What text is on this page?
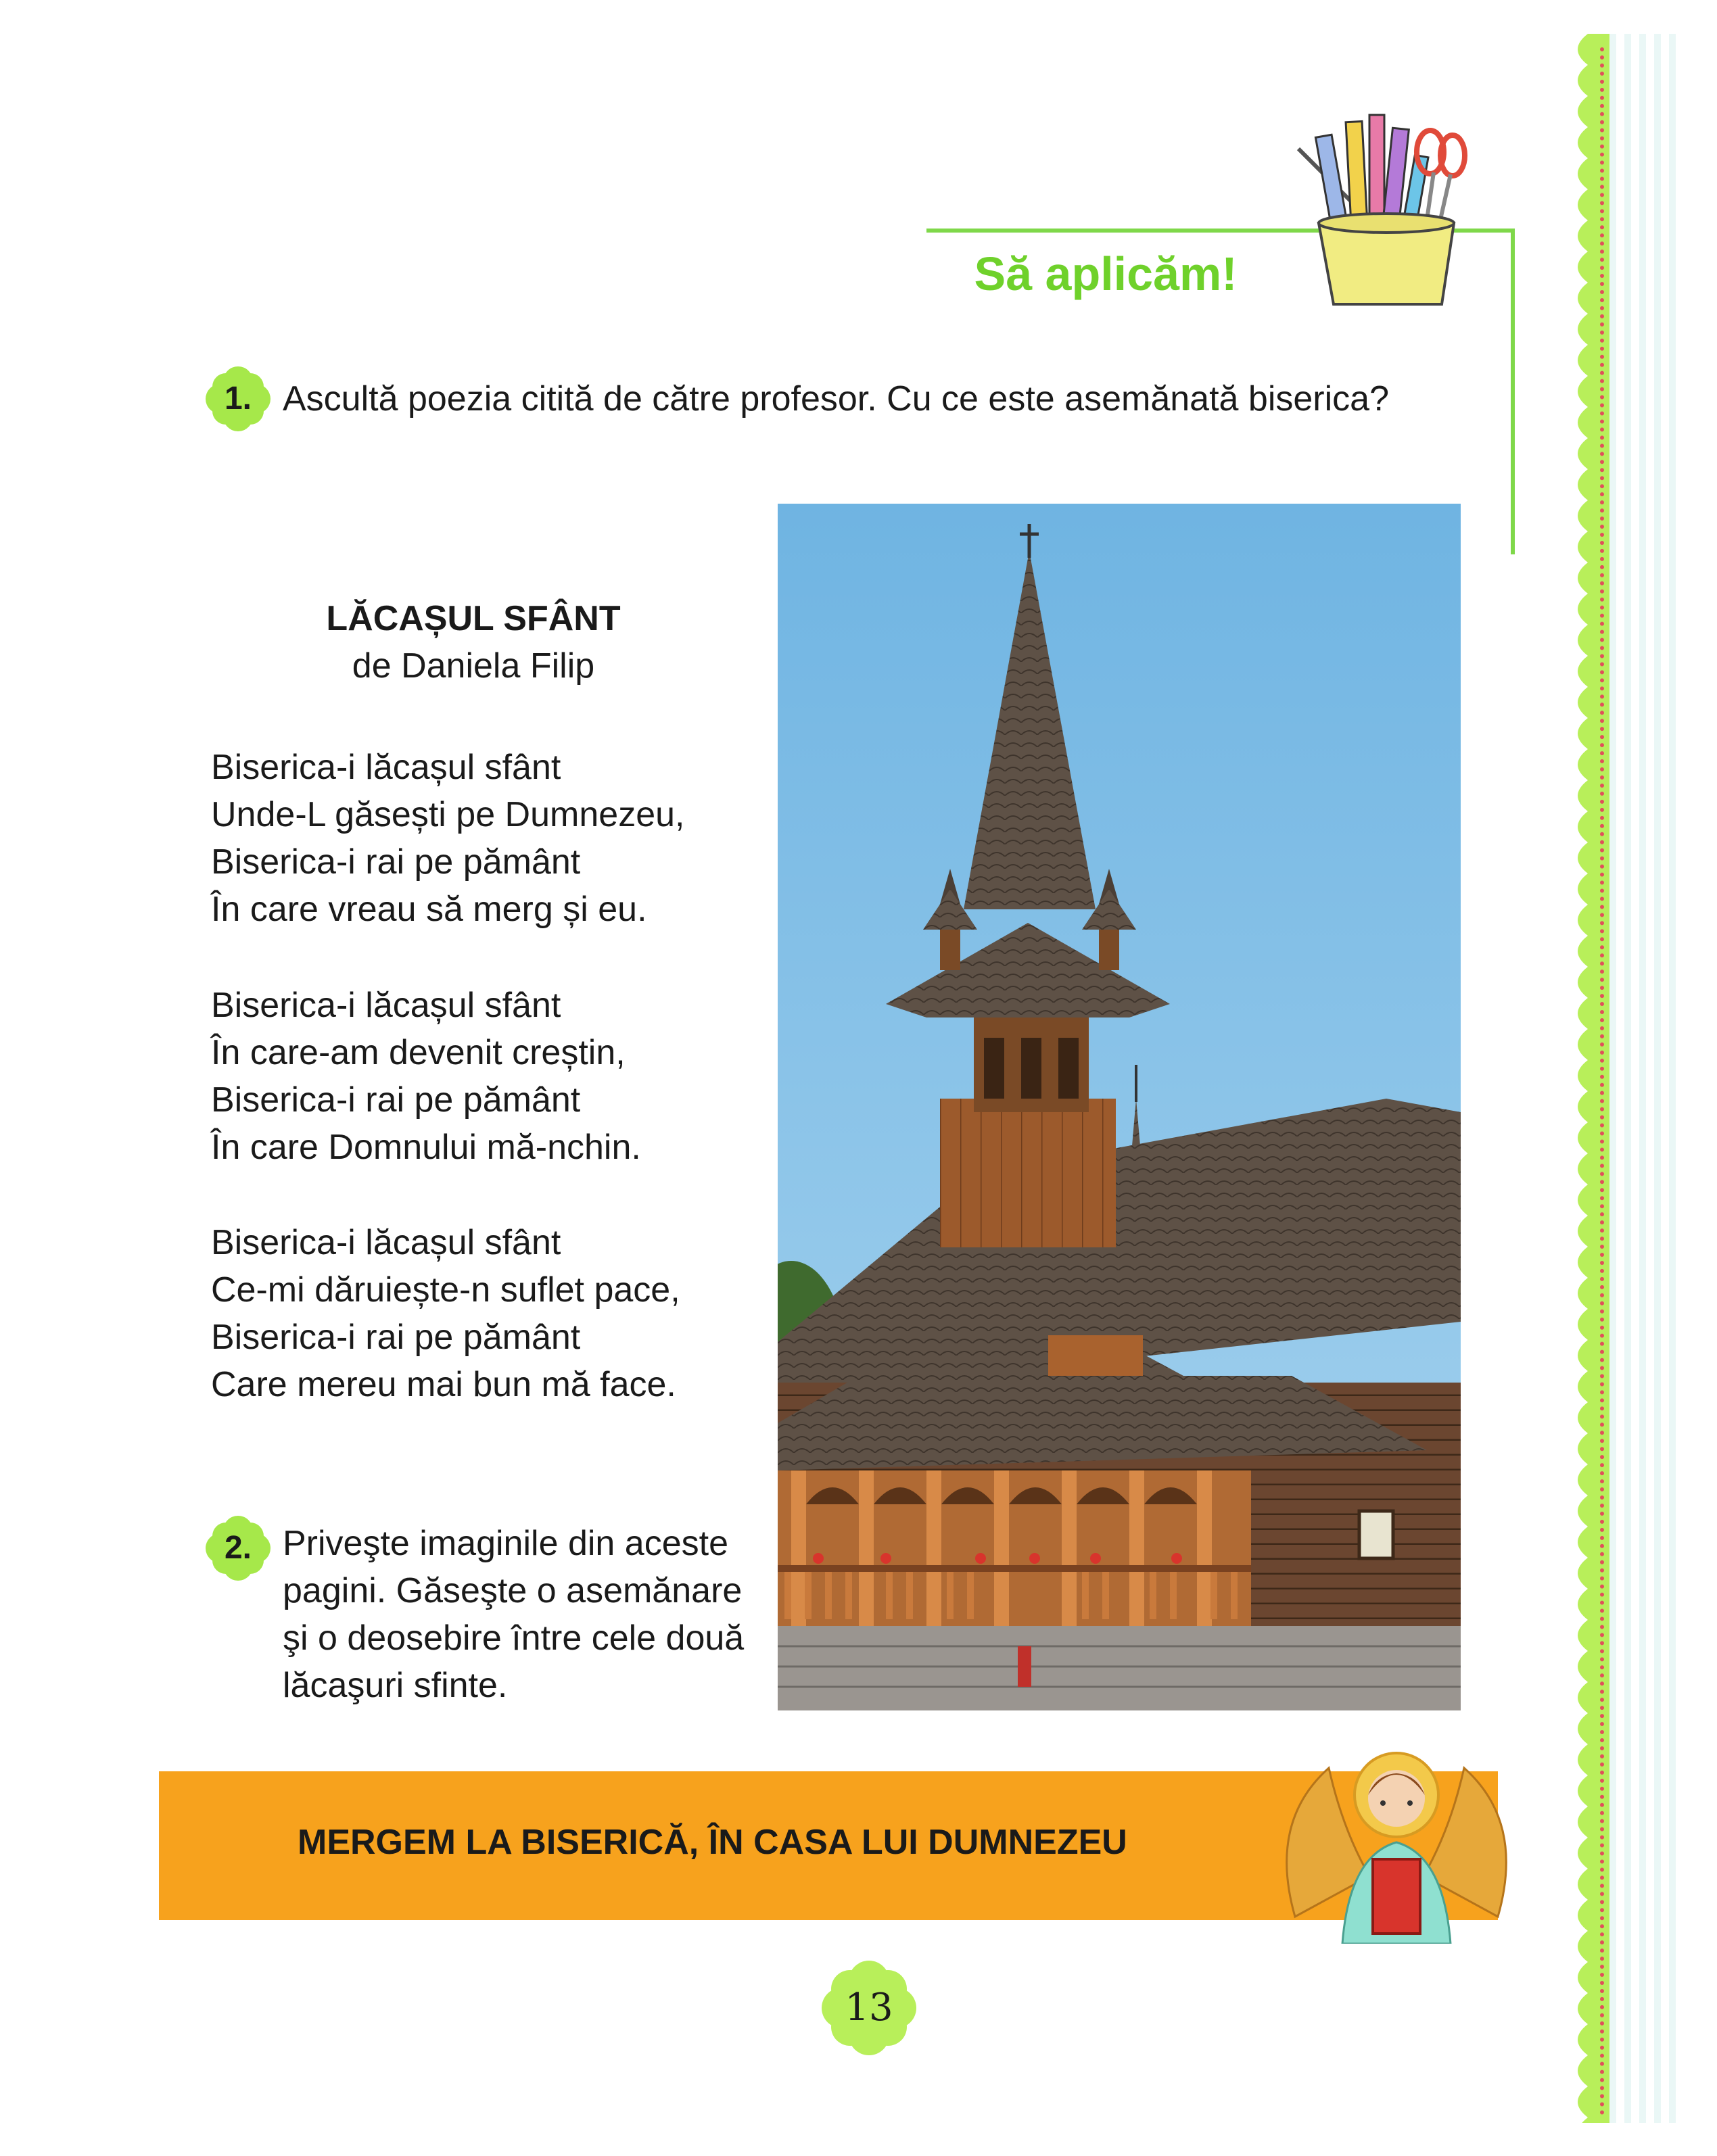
Să aplicăm!
1. Ascultă poezia citită de către profesor. Cu ce este asemănată biserica?
LĂCAȘUL SFÂNT
de Daniela Filip
Biserica-i lăcașul sfânt
Unde-L găsești pe Dumnezeu,
Biserica-i rai pe pământ
În care vreau să merg și eu.
Biserica-i lăcașul sfânt
În care-am devenit creștin,
Biserica-i rai pe pământ
În care Domnului mă-nchin.
Biserica-i lăcașul sfânt
Ce-mi dăruiește-n suflet pace,
Biserica-i rai pe pământ
Care mereu mai bun mă face.
2. Priveşte imaginile din aceste
pagini. Găseşte o asemănare
şi o deosebire între cele două
lăcaşuri sfinte.
MERGEM LA BISERICĂ, ÎN CASA LUI DUMNEZEU
13
